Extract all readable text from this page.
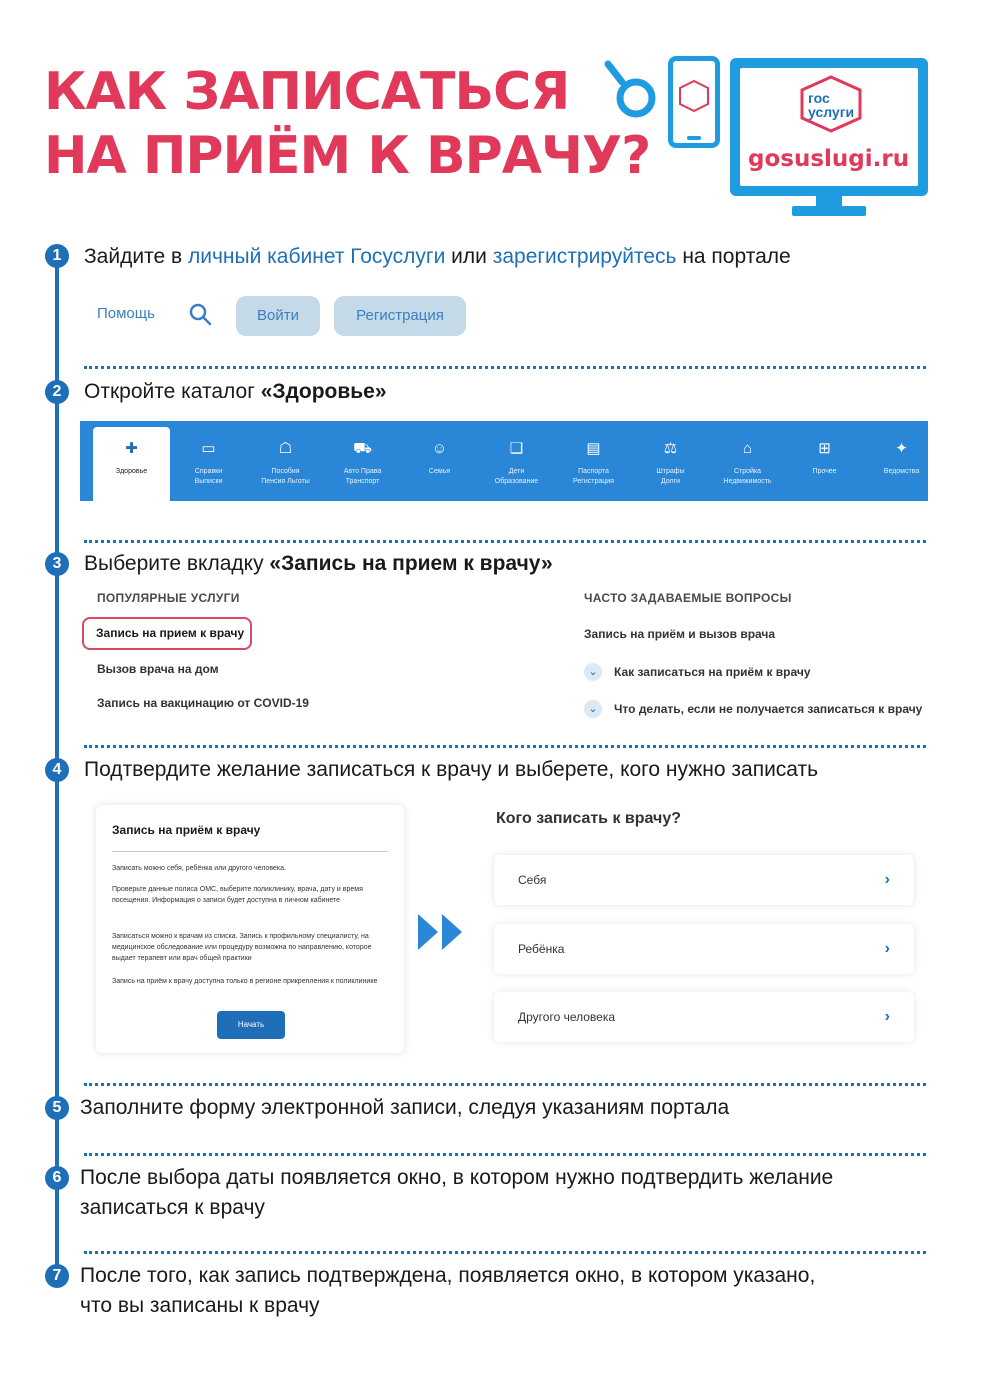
КАК ЗАПИСАТЬСЯ
НА ПРИЁМ К ВРАЧУ?
гос
услуги
gosuslugi.ru
1	Зайдите в личный кабинет Госуслуги или зарегистрируйтесь на портале
Помощь	Войти	Регистрация
2	Откройте каталог «Здоровье»
✚
Здоровье
▭
Справки
Выписки
☖
Пособия
Пенсия Льготы
⛟
Авто Права
Транспорт
☺
Семья
❑
Дети
Образование
▤
Паспорта
Регистрация
⚖
Штрафы
Долги
⌂
Стройка
Недвижимость
⊞
Прочее
✦
Ведомства
3	Выберите вкладку «Запись на прием к врачу»
ПОПУЛЯРНЫЕ УСЛУГИ
Запись на прием к врачу
Вызов врача на дом
Запись на вакцинацию от COVID-19
ЧАСТО ЗАДАВАЕМЫЕ ВОПРОСЫ
Запись на приём и вызов врача
⌄	Как записаться на приём к врачу
⌄	Что делать, если не получается записаться к врачу
4	Подтвердите желание записаться к врачу и выберете, кого нужно записать
Запись на приём к врачу
Записать можно себя, ребёнка или другого человека.
Проверьте данные полиса ОМС, выберите поликлинику, врача, дату и время посещения. Информация о записи будет доступна в личном кабинете
Записаться можно к врачам из списка. Запись к профильному специалисту, на медицинское обследование или процедуру возможна по направлению, которое выдает терапевт или врач общей практики
Запись на приём к врачу доступна только в регионе прикрепления к поликлинике
Начать
Кого записать к врачу?
Себя	›
Ребёнка	›
Другого человека	›
5 Заполните форму электронной записи, следуя указаниям портала
6 После выбора даты появляется окно, в котором нужно подтвердить желание
записаться к врачу
7 После того, как запись подтверждена, появляется окно, в котором указано,
что вы записаны к врачу
